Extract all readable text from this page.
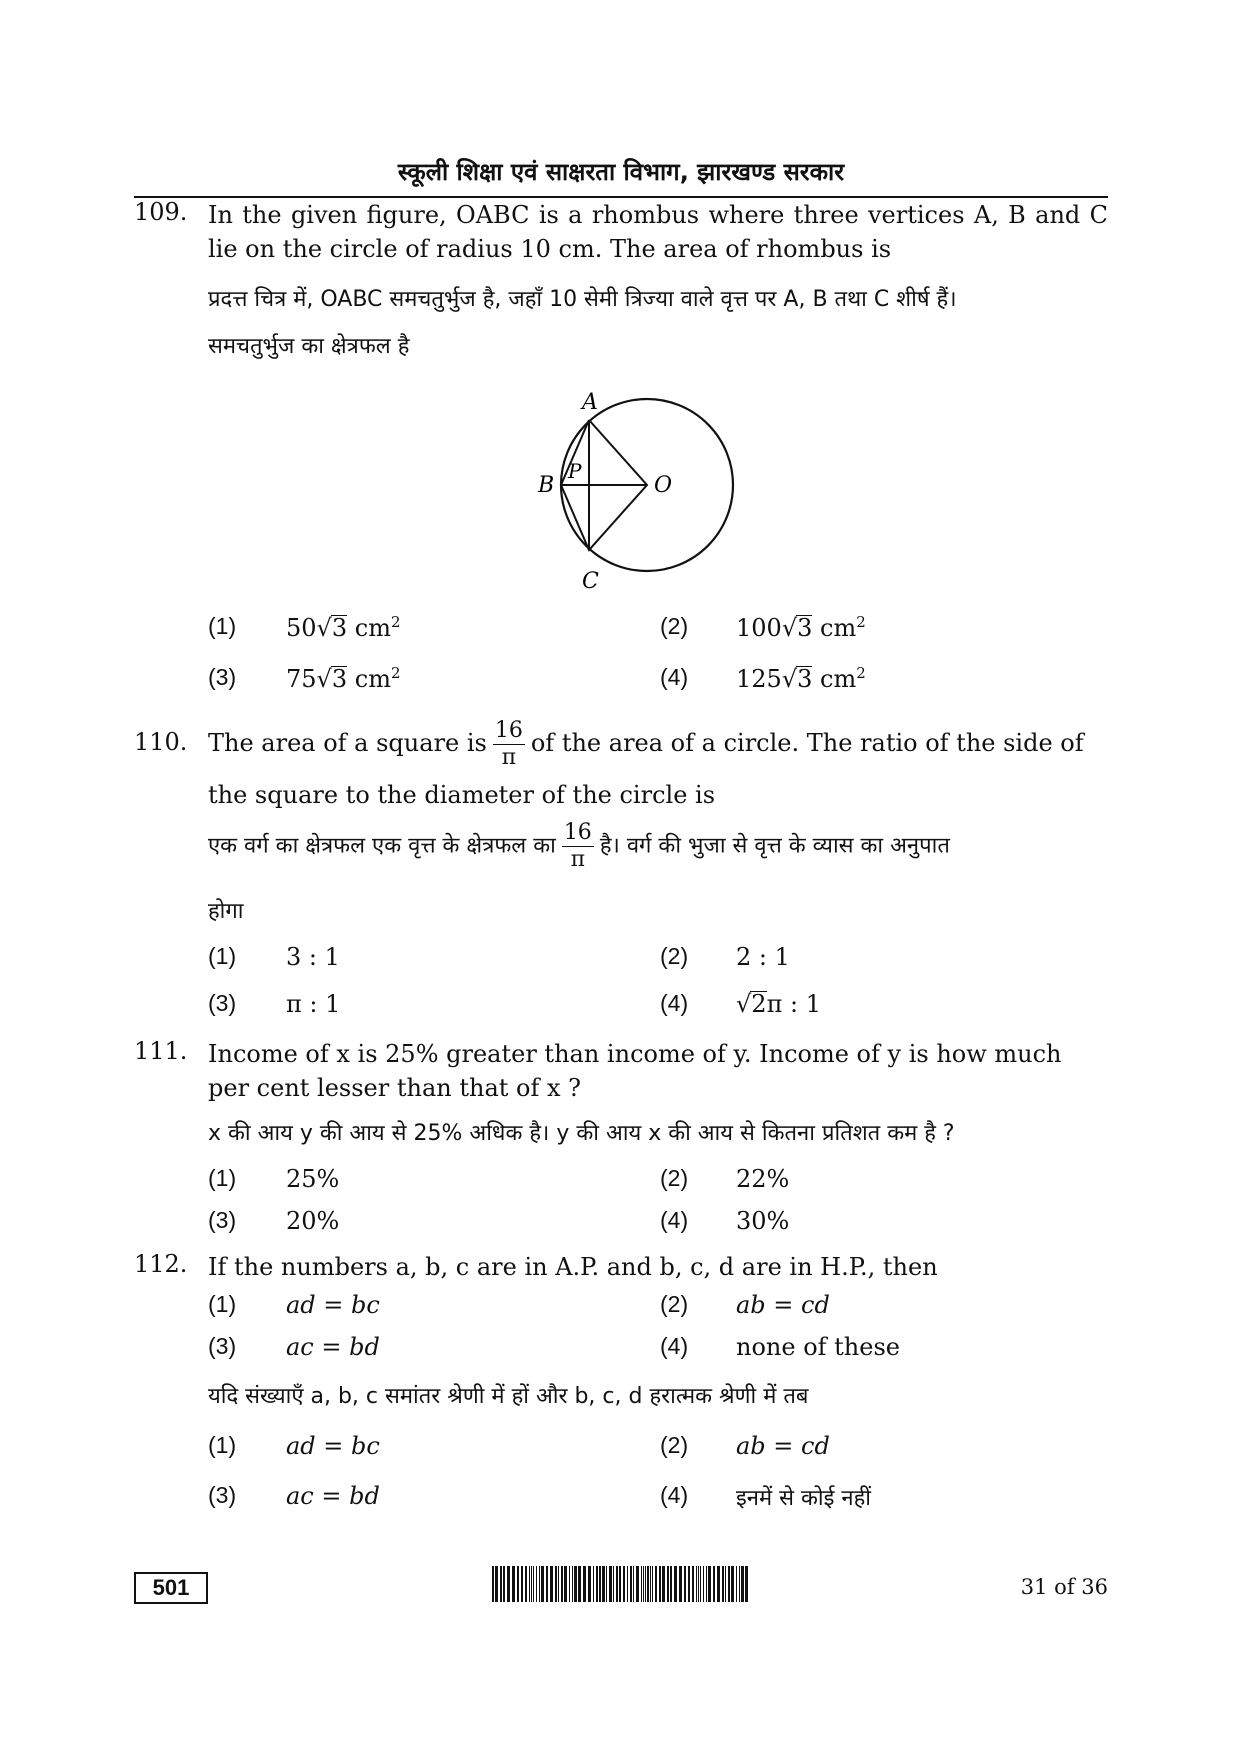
स्कूली शिक्षा एवं साक्षरता विभाग, झारखण्ड सरकार
109. In the given figure, OABC is a rhombus where three vertices A, B and C lie on the circle of radius 10 cm. The area of rhombus is
प्रदत्त चित्र में, OABC समचतुर्भुज है, जहाँ 10 सेमी त्रिज्या वाले वृत्त पर A, B तथा C शीर्ष हैं।
समचतुर्भुज का क्षेत्रफल है
A
B
C
O
P
(1) 50√3 $cm^2$	(2) 100√3 $cm^2$
(3) 75√3 $cm^2$	(4) 125√3 $cm^2$
110. The area of a square is $\frac{16}{\pi}$ of the area of a circle. The ratio of the side of
the square to the diameter of the circle is
एक वर्ग का क्षेत्रफल एक वृत्त के क्षेत्रफल का $\frac{16}{\pi}$ है। वर्ग की भुजा से वृत्त के व्यास का अनुपात
होगा
(1) 3 : 1	(2) 2 : 1
(3) π : 1	(4) √2π : 1
111. Income of x is 25% greater than income of y. Income of y is how much
per cent lesser than that of x ?
x की आय y की आय से 25% अधिक है। y की आय x की आय से कितना प्रतिशत कम है ?
(1) 25%	(2) 22%
(3) 20%	(4) 30%
112. If the numbers a, b, c are in A.P. and b, c, d are in H.P., then
(1) ad = bc	(2) ab = cd
(3) ac = bd	(4) none of these
यदि संख्याएँ a, b, c समांतर श्रेणी में हों और b, c, d हरात्मक श्रेणी में तब
(1) ad = bc	(2) ab = cd
(3) ac = bd	(4) इनमें से कोई नहीं
501	31 of 36
